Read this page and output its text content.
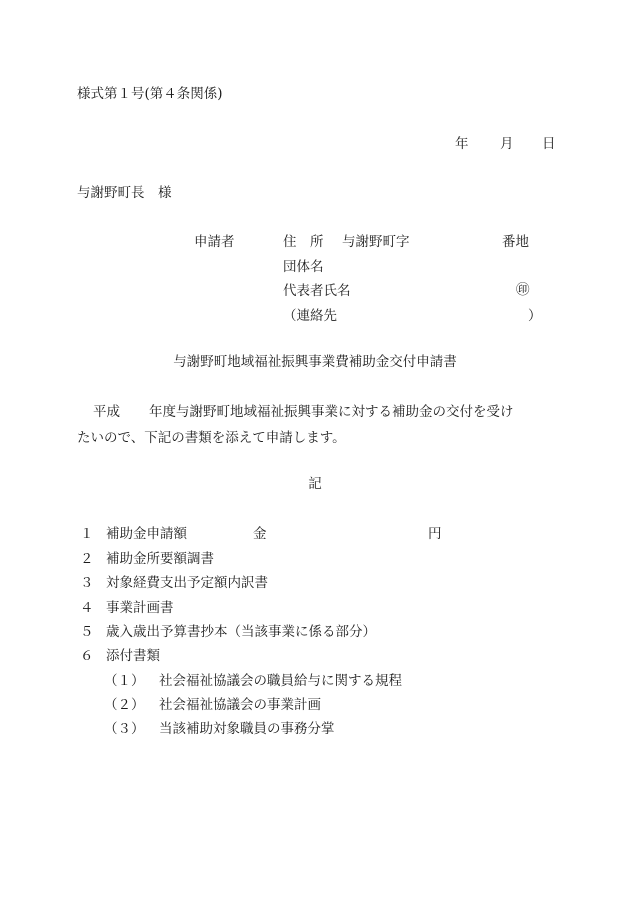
様式第１号(第４条関係)
年 月 日
与謝野町長　様
申請者	住　所 与謝野町字	番地
団体名
代表者氏名	㊞
（連絡先	）
与謝野町地域福祉振興事業費補助金交付申請書
平成 年度与謝野町地域福祉振興事業に対する補助金の交付を受け
たいので、下記の書類を添えて申請します。
記
１ 補助金申請額	金	円
２ 補助金所要額調書
３ 対象経費支出予定額内訳書
４ 事業計画書
５ 歳入歳出予算書抄本（当該事業に係る部分）
６ 添付書類
（１） 社会福祉協議会の職員給与に関する規程
（２） 社会福祉協議会の事業計画
（３） 当該補助対象職員の事務分掌
